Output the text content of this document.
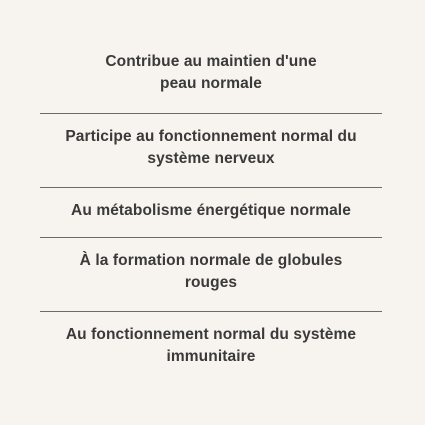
Contribue au maintien d'une
peau normale
Participe au fonctionnement normal du
système nerveux
Au métabolisme énergétique normale
À la formation normale de globules
rouges
Au fonctionnement normal du système
immunitaire
